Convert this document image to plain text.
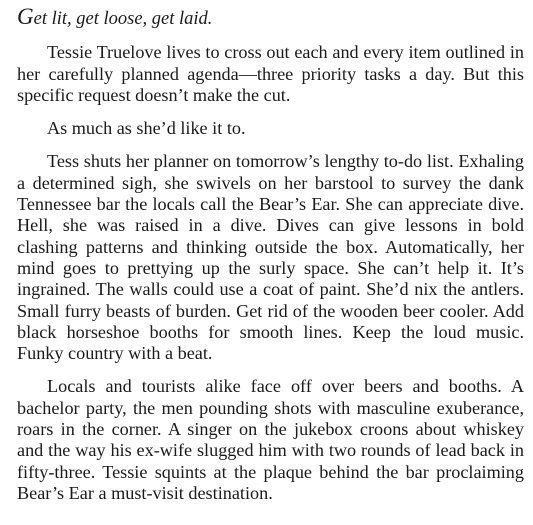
Get lit, get loose, get laid.

Tessie Truelove lives to cross out each and every item outlined in her carefully planned agenda—three priority tasks a day. But this specific request doesn’t make the cut.

As much as she’d like it to.

Tess shuts her planner on tomorrow’s lengthy to-do list. Exhaling a determined sigh, she swivels on her barstool to survey the dank Tennessee bar the locals call the Bear’s Ear. She can appreciate dive. Hell, she was raised in a dive. Dives can give lessons in bold clashing patterns and thinking outside the box. Automatically, her mind goes to prettying up the surly space. She can’t help it. It’s ingrained. The walls could use a coat of paint. She’d nix the antlers. Small furry beasts of burden. Get rid of the wooden beer cooler. Add black horseshoe booths for smooth lines. Keep the loud music. Funky country with a beat.

Locals and tourists alike face off over beers and booths. A bachelor party, the men pounding shots with masculine exuberance, roars in the corner. A singer on the jukebox croons about whiskey and the way his ex-wife slugged him with two rounds of lead back in fifty-three. Tessie squints at the plaque behind the bar proclaiming Bear’s Ear a must-visit destination.
